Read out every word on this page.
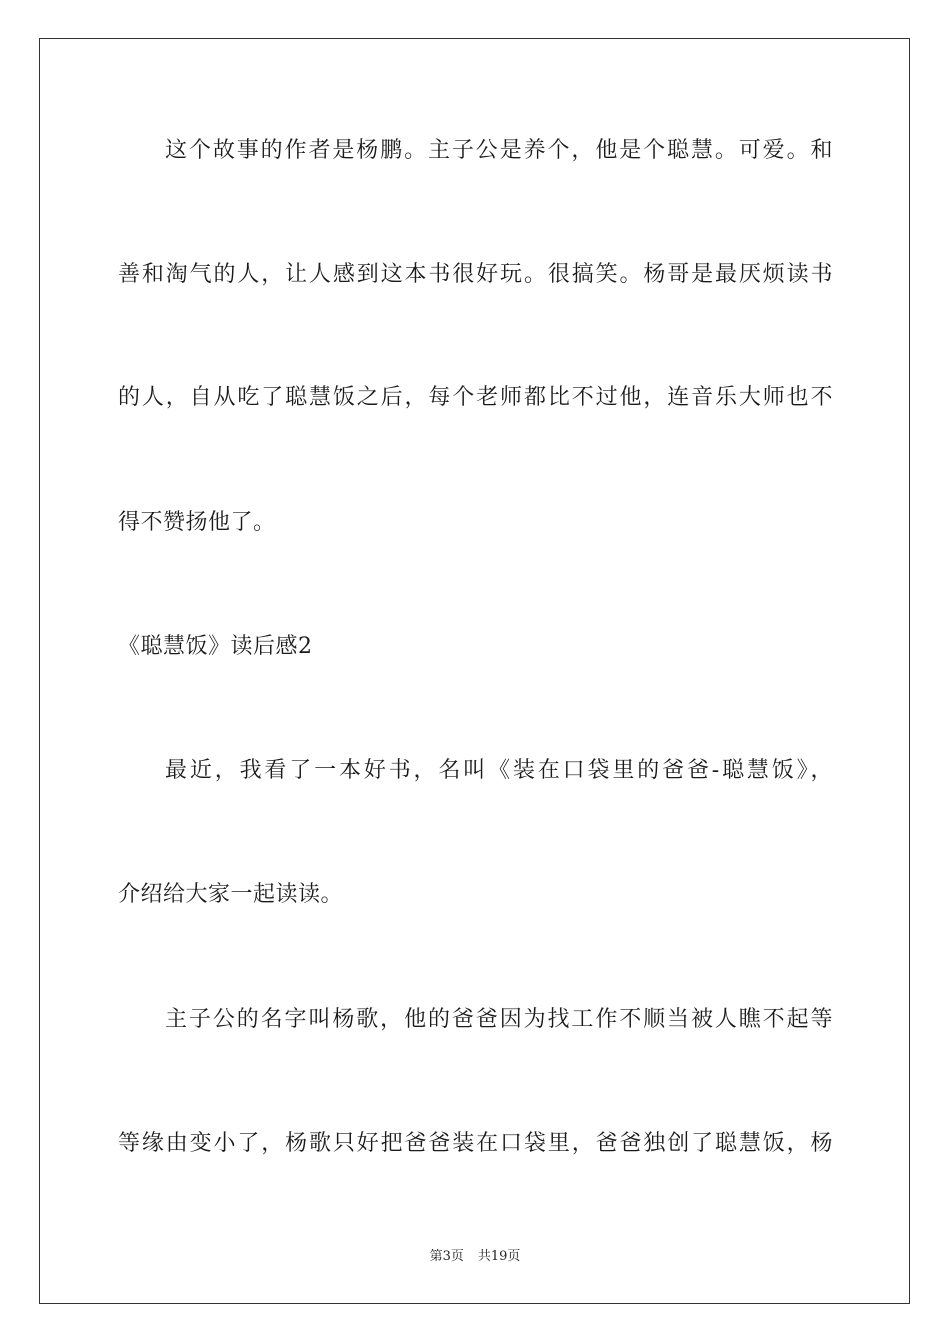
这个故事的作者是杨鹏。主子公是养个，他是个聪慧。可爱。和
善和淘气的人，让人感到这本书很好玩。很搞笑。杨哥是最厌烦读书
的人，自从吃了聪慧饭之后，每个老师都比不过他，连音乐大师也不
得不赞扬他了。
《聪慧饭》读后感2
最近，我看了一本好书，名叫《装在口袋里的爸爸-聪慧饭》，
介绍给大家一起读读。
主子公的名字叫杨歌，他的爸爸因为找工作不顺当被人瞧不起等
等缘由变小了，杨歌只好把爸爸装在口袋里，爸爸独创了聪慧饭，杨
第3页 共19页
